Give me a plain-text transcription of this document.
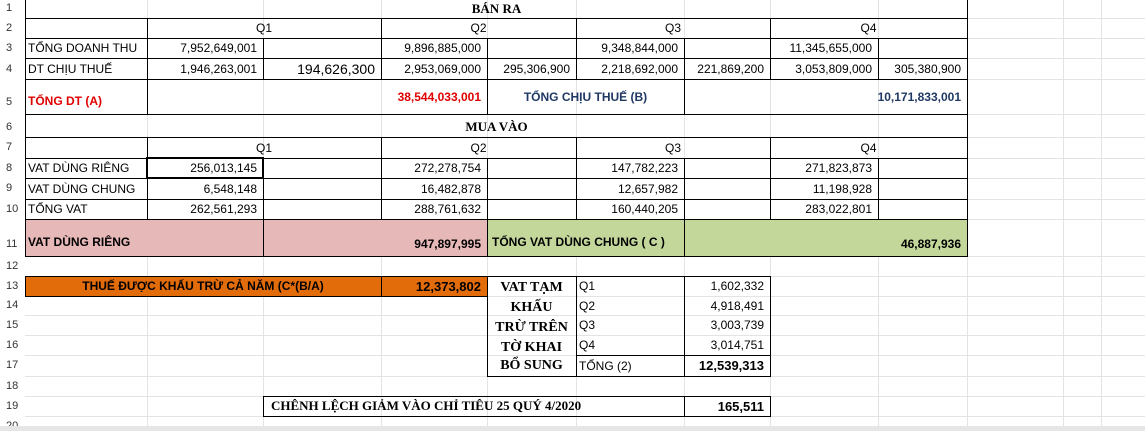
1
2
3
4
5
6
7
8
9
10
11
12
13
14
15
16
17
18
19
BÁN RA
Q1	Q2	Q3	Q4
TỔNG DOANH THU	7,952,649,001	9,896,885,000	9,348,844,000	11,345,655,000
DT CHỊU THUẾ	1,946,263,001	194,626,300	2,953,069,000	295,306,900	2,218,692,000	221,869,200	3,053,809,000	305,380,900
TỔNG DT (A)	38,544,033,001	TỔNG CHỊU THUẾ (B)	10,171,833,001
MUA VÀO
Q1	Q2	Q3	Q4
VAT DÙNG RIÊNG	256,013,145	272,278,754	147,782,223	271,823,873
VAT DÙNG CHUNG	6,548,148	16,482,878	12,657,982	11,198,928
TỔNG VAT	262,561,293	288,761,632	160,440,205	283,022,801
VAT DÙNG RIÊNG	947,897,995 TỔNG VAT DÙNG CHUNG ( C )	46,887,936
THUẾ ĐƯỢC KHẤU TRỪ CẢ NĂM (C*(B/A)	12,373,802	VAT TẠM
KHẤU
TRỪ TRÊN
TỜ KHAI
BỔ SUNG
Q1	1,602,332
Q2	4,918,491
Q3	3,003,739
Q4	3,014,751
TỔNG (2)	12,539,313
CHÊNH LỆCH GIẢM VÀO CHỈ TIÊU 25 QUÝ 4/2020	165,511
